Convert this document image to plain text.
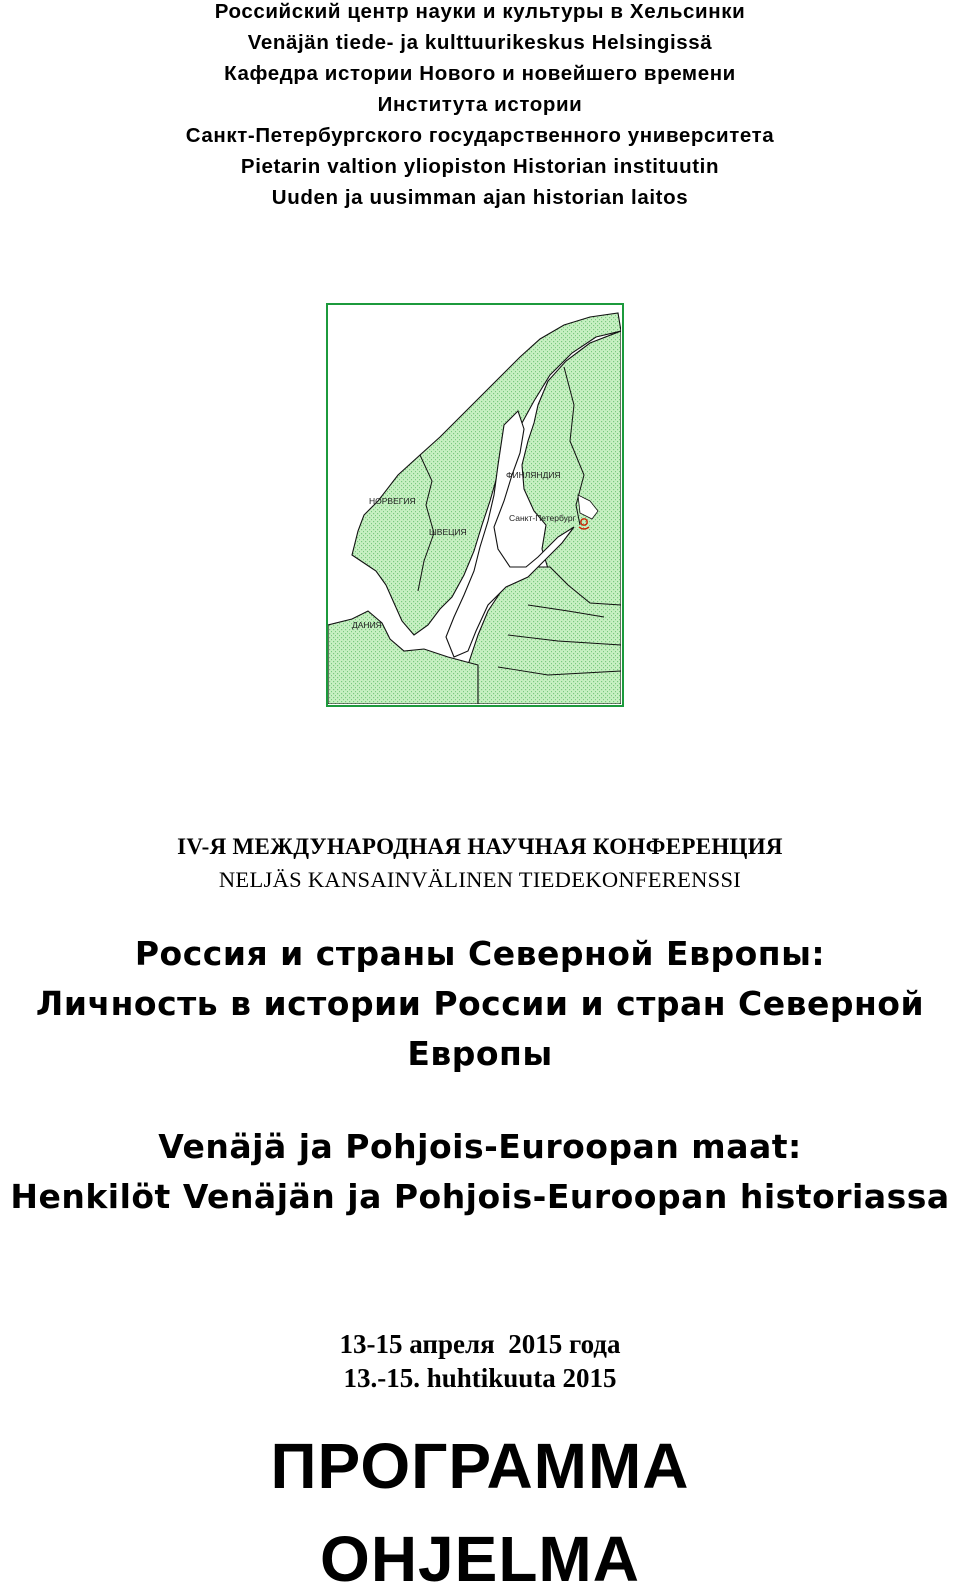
Российский центр науки и культуры в Хельсинки
Venäjän tiede- ja kulttuurikeskus Helsingissä
Кафедра истории Нового и новейшего времени
Института истории
Санкт-Петербургского государственного университета
Pietarin valtion yliopiston Historian instituutin
Uuden ja uusimman ajan historian laitos
ФИНЛЯНДИЯ
НОРВЕГИЯ
ШВЕЦИЯ
Санкт-Петербург
ДАНИЯ
IV-Я МЕЖДУНАРОДНАЯ НАУЧНАЯ КОНФЕРЕНЦИЯ
NELJÄS KANSAINVÄLINEN TIEDEKONFERENSSI
Россия и страны Северной Европы:
Личность в истории России и стран Северной
Европы
Venäjä ja Pohjois-Euroopan maat:
Henkilöt Venäjän ja Pohjois-Euroopan historiassa
13-15 апреля  2015 года
13.-15. huhtikuuta 2015
ПРОГРАММА
OHJELMA
